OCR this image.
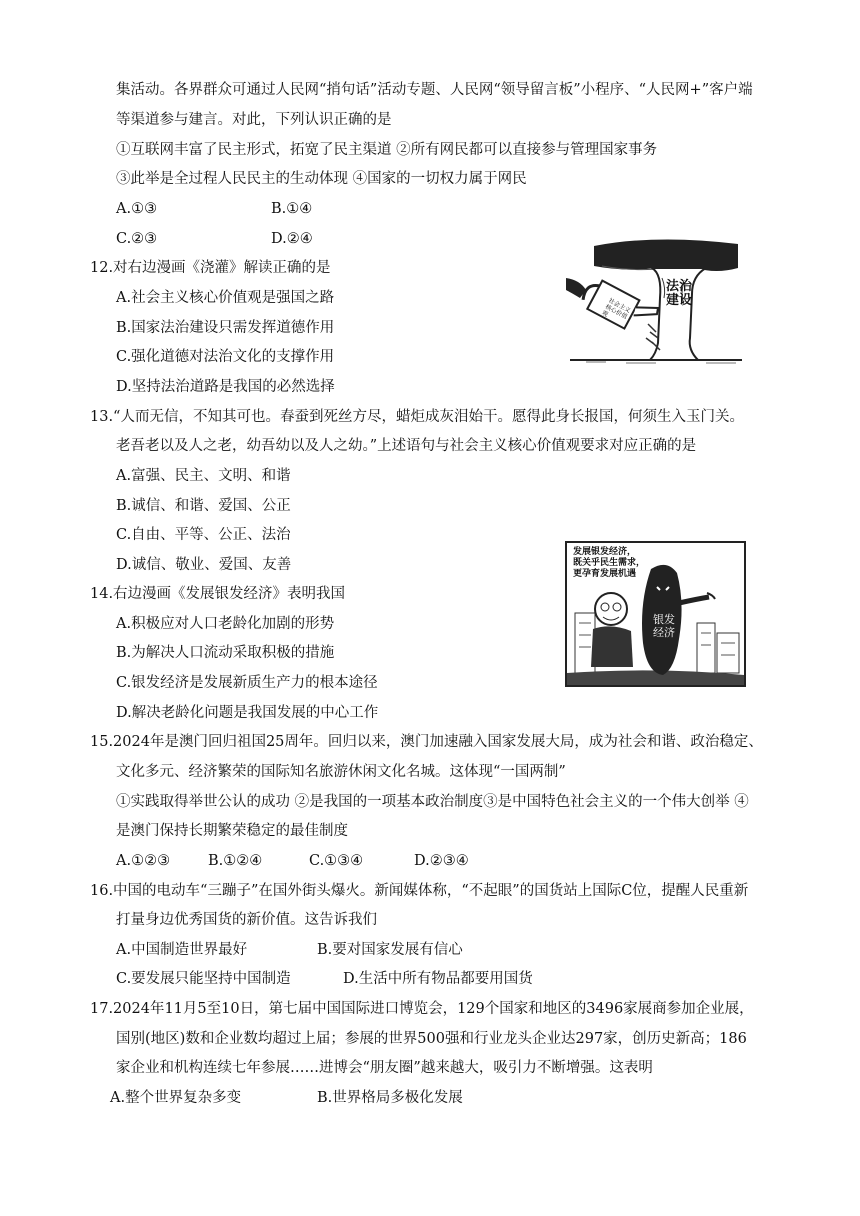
集活动。各界群众可通过人民网“捎句话”活动专题、人民网“领导留言板”小程序、“人民网+”客户端
等渠道参与建言。对此，下列认识正确的是
①互联网丰富了民主形式，拓宽了民主渠道 ②所有网民都可以直接参与管理国家事务
③此举是全过程人民民主的生动体现 ④国家的一切权力属于网民
A.①③	B.①④
C.②③	D.②④
12.对右边漫画《浇灌》解读正确的是
A.社会主义核心价值观是强国之路
B.国家法治建设只需发挥道德作用
C.强化道德对法治文化的支撑作用
D.坚持法治道路是我国的必然选择
法治建设
社会主义核心价值观
13.“人而无信，不知其可也。春蚕到死丝方尽，蜡炬成灰泪始干。愿得此身长报国，何须生入玉门关。
老吾老以及人之老，幼吾幼以及人之幼。”上述语句与社会主义核心价值观要求对应正确的是
A.富强、民主、文明、和谐
B.诚信、和谐、爱国、公正
C.自由、平等、公正、法治
D.诚信、敬业、爱国、友善
发展银发经济，
既关乎民生需求，
更孕育发展机遇
银发经济
14.右边漫画《发展银发经济》表明我国
A.积极应对人口老龄化加剧的形势
B.为解决人口流动采取积极的措施
C.银发经济是发展新质生产力的根本途径
D.解决老龄化问题是我国发展的中心工作
15.2024年是澳门回归祖国25周年。回归以来，澳门加速融入国家发展大局，成为社会和谐、政治稳定、
文化多元、经济繁荣的国际知名旅游休闲文化名城。这体现“一国两制”
①实践取得举世公认的成功 ②是我国的一项基本政治制度③是中国特色社会主义的一个伟大创举 ④
是澳门保持长期繁荣稳定的最佳制度
A.①②③	B.①②④	C.①③④	D.②③④
16.中国的电动车“三蹦子”在国外街头爆火。新闻媒体称，“不起眼”的国货站上国际C位，提醒人民重新
打量身边优秀国货的新价值。这告诉我们
A.中国制造世界最好	B.要对国家发展有信心
C.要发展只能坚持中国制造	D.生活中所有物品都要用国货
17.2024年11月5至10日，第七届中国国际进口博览会，129个国家和地区的3496家展商参加企业展，
国别(地区)数和企业数均超过上届；参展的世界500强和行业龙头企业达297家，创历史新高；186
家企业和机构连续七年参展……进博会“朋友圈”越来越大，吸引力不断增强。这表明
A.整个世界复杂多变	B.世界格局多极化发展
